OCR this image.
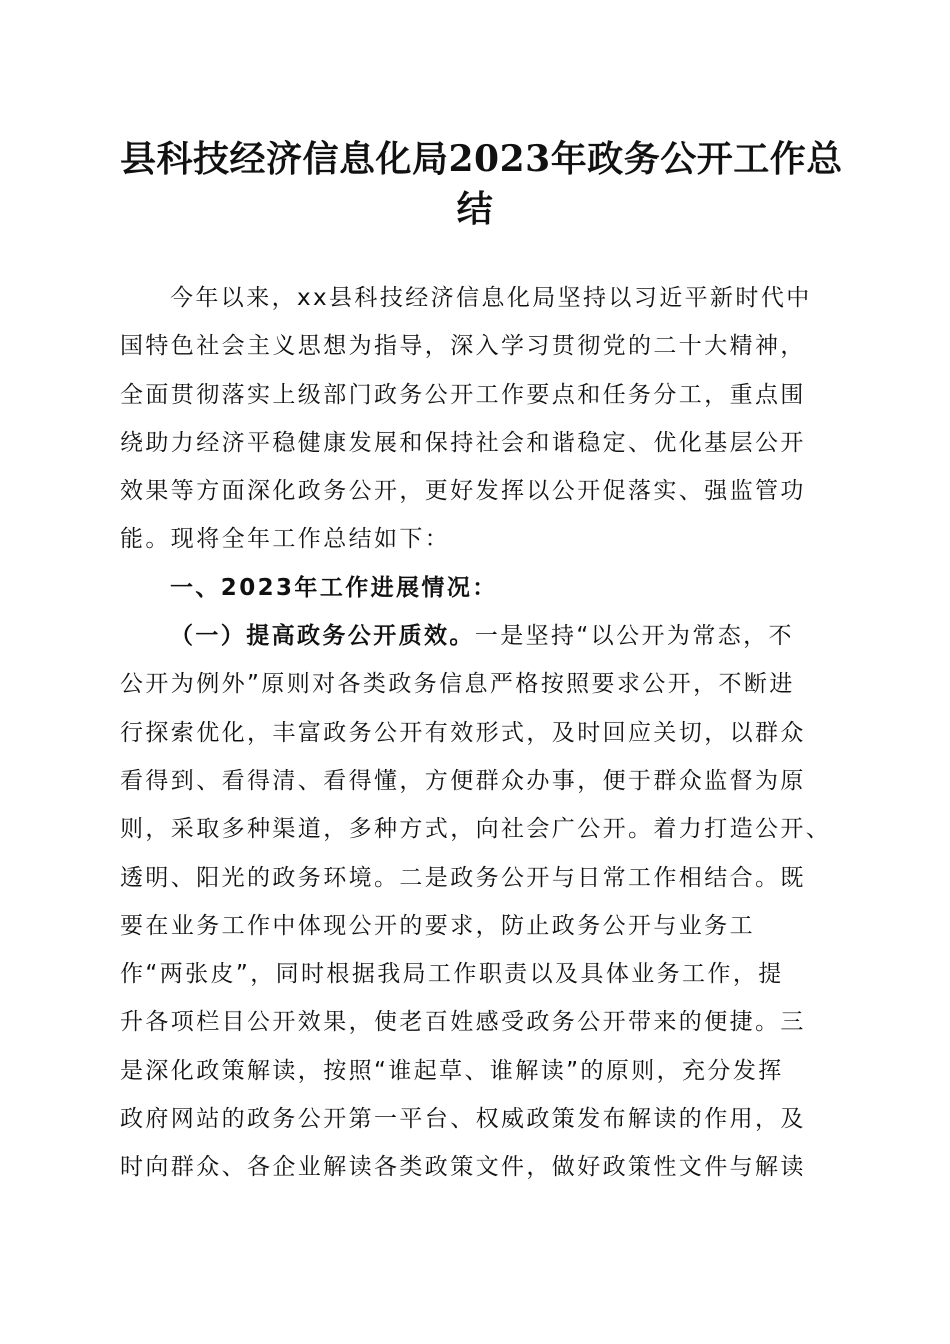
县科技经济信息化局2023年政务公开工作总
结
今年以来，xx县科技经济信息化局坚持以习近平新时代中
国特色社会主义思想为指导，深入学习贯彻党的二十大精神，
全面贯彻落实上级部门政务公开工作要点和任务分工，重点围
绕助力经济平稳健康发展和保持社会和谐稳定、优化基层公开
效果等方面深化政务公开，更好发挥以公开促落实、强监管功
能。现将全年工作总结如下：
一、2023年工作进展情况：
（一）提高政务公开质效。一是坚持“以公开为常态，不
公开为例外”原则对各类政务信息严格按照要求公开，不断进
行探索优化，丰富政务公开有效形式，及时回应关切，以群众
看得到、看得清、看得懂，方便群众办事，便于群众监督为原
则，采取多种渠道，多种方式，向社会广公开。着力打造公开、
透明、阳光的政务环境。二是政务公开与日常工作相结合。既
要在业务工作中体现公开的要求，防止政务公开与业务工
作“两张皮”，同时根据我局工作职责以及具体业务工作，提
升各项栏目公开效果，使老百姓感受政务公开带来的便捷。三
是深化政策解读，按照“谁起草、谁解读”的原则，充分发挥
政府网站的政务公开第一平台、权威政策发布解读的作用，及
时向群众、各企业解读各类政策文件，做好政策性文件与解读
